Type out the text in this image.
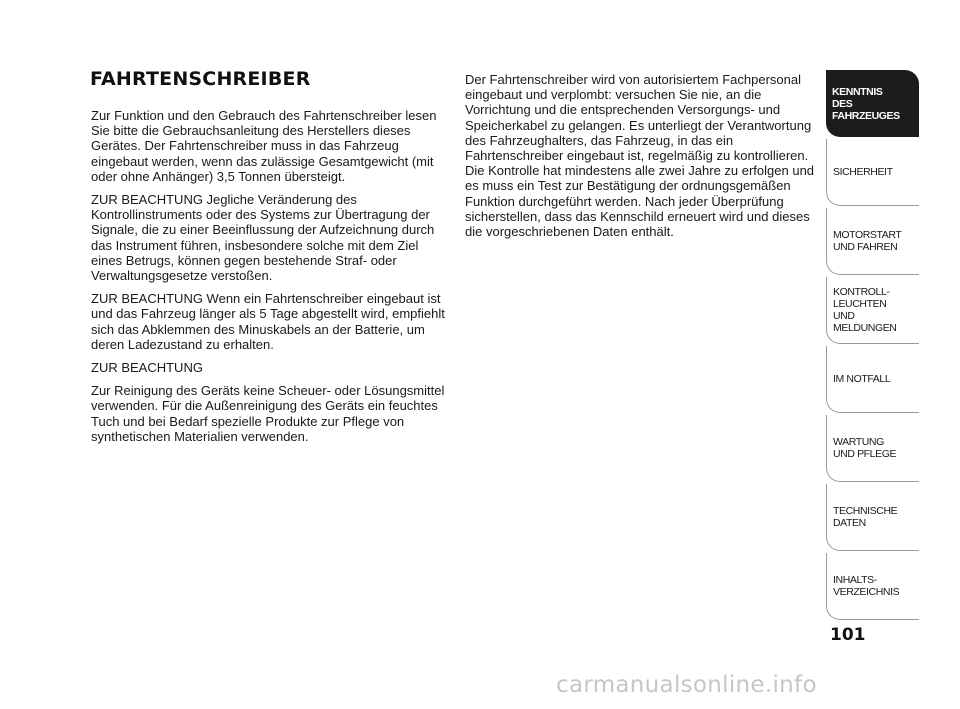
FAHRTENSCHREIBER

Zur Funktion und den Gebrauch des Fahrtenschreiber lesen Sie bitte die Gebrauchsanleitung des Herstellers dieses Gerätes. Der Fahrtenschreiber muss in das Fahrzeug eingebaut werden, wenn das zulässige Gesamtgewicht (mit oder ohne Anhänger) 3,5 Tonnen übersteigt.

ZUR BEACHTUNG Jegliche Veränderung des Kontrollinstruments oder des Systems zur Übertragung der Signale, die zu einer Beeinflussung der Aufzeichnung durch das Instrument führen, insbesondere solche mit dem Ziel eines Betrugs, können gegen bestehende Straf- oder Verwaltungsgesetze verstoßen.

ZUR BEACHTUNG Wenn ein Fahrtenschreiber eingebaut ist und das Fahrzeug länger als 5 Tage abgestellt wird, empfiehlt sich das Abklemmen des Minuskabels an der Batterie, um deren Ladezustand zu erhalten.

ZUR BEACHTUNG

Zur Reinigung des Geräts keine Scheuer- oder Lösungsmittel verwenden. Für die Außenreinigung des Geräts ein feuchtes Tuch und bei Bedarf spezielle Produkte zur Pflege von synthetischen Materialien verwenden.

Der Fahrtenschreiber wird von autorisiertem Fachpersonal eingebaut und verplombt: versuchen Sie nie, an die Vorrichtung und die entsprechenden Versorgungs- und Speicherkabel zu gelangen. Es unterliegt der Verantwortung des Fahrzeughalters, das Fahrzeug, in das ein Fahrtenschreiber eingebaut ist, regelmäßig zu kontrollieren. Die Kontrolle hat mindestens alle zwei Jahre zu erfolgen und es muss ein Test zur Bestätigung der ordnungsgemäßen Funktion durchgeführt werden. Nach jeder Überprüfung sicherstellen, dass das Kennschild erneuert wird und dieses die vorgeschriebenen Daten enthält.

KENNTNIS
DES FAHRZEUGES
SICHERHEIT
MOTORSTART
UND FAHREN
KONTROLL-
LEUCHTEN
UND MELDUNGEN
IM NOTFALL
WARTUNG
UND PFLEGE
TECHNISCHE
DATEN
INHALTS-
VERZEICHNIS
101
carmanualsonline.info
